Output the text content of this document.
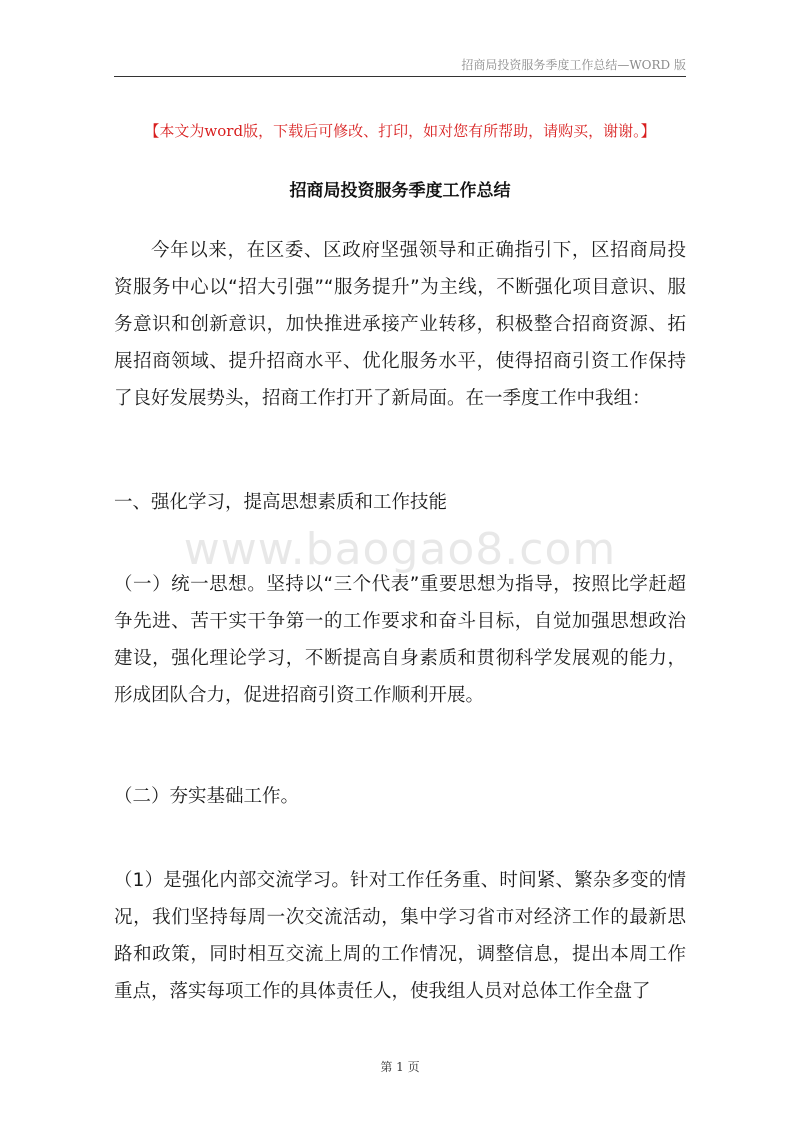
招商局投资服务季度工作总结—WORD 版
【本文为word版，下载后可修改、打印，如对您有所帮助，请购买，谢谢。】
招商局投资服务季度工作总结

今年以来，在区委、区政府坚强领导和正确指引下，区招商局投资服务中心以“招大引强”“服务提升”为主线，不断强化项目意识、服务意识和创新意识，加快推进承接产业转移，积极整合招商资源、拓展招商领域、提升招商水平、优化服务水平，使得招商引资工作保持了良好发展势头，招商工作打开了新局面。在一季度工作中我组：

一、强化学习，提高思想素质和工作技能

www.baogao8.com

（一）统一思想。坚持以“三个代表”重要思想为指导，按照比学赶超争先进、苦干实干争第一的工作要求和奋斗目标，自觉加强思想政治建设，强化理论学习，不断提高自身素质和贯彻科学发展观的能力，形成团队合力，促进招商引资工作顺利开展。

（二）夯实基础工作。

（1）是强化内部交流学习。针对工作任务重、时间紧、繁杂多变的情况，我们坚持每周一次交流活动，集中学习省市对经济工作的最新思路和政策，同时相互交流上周的工作情况，调整信息，提出本周工作重点，落实每项工作的具体责任人，使我组人员对总体工作全盘了

第 1 页
